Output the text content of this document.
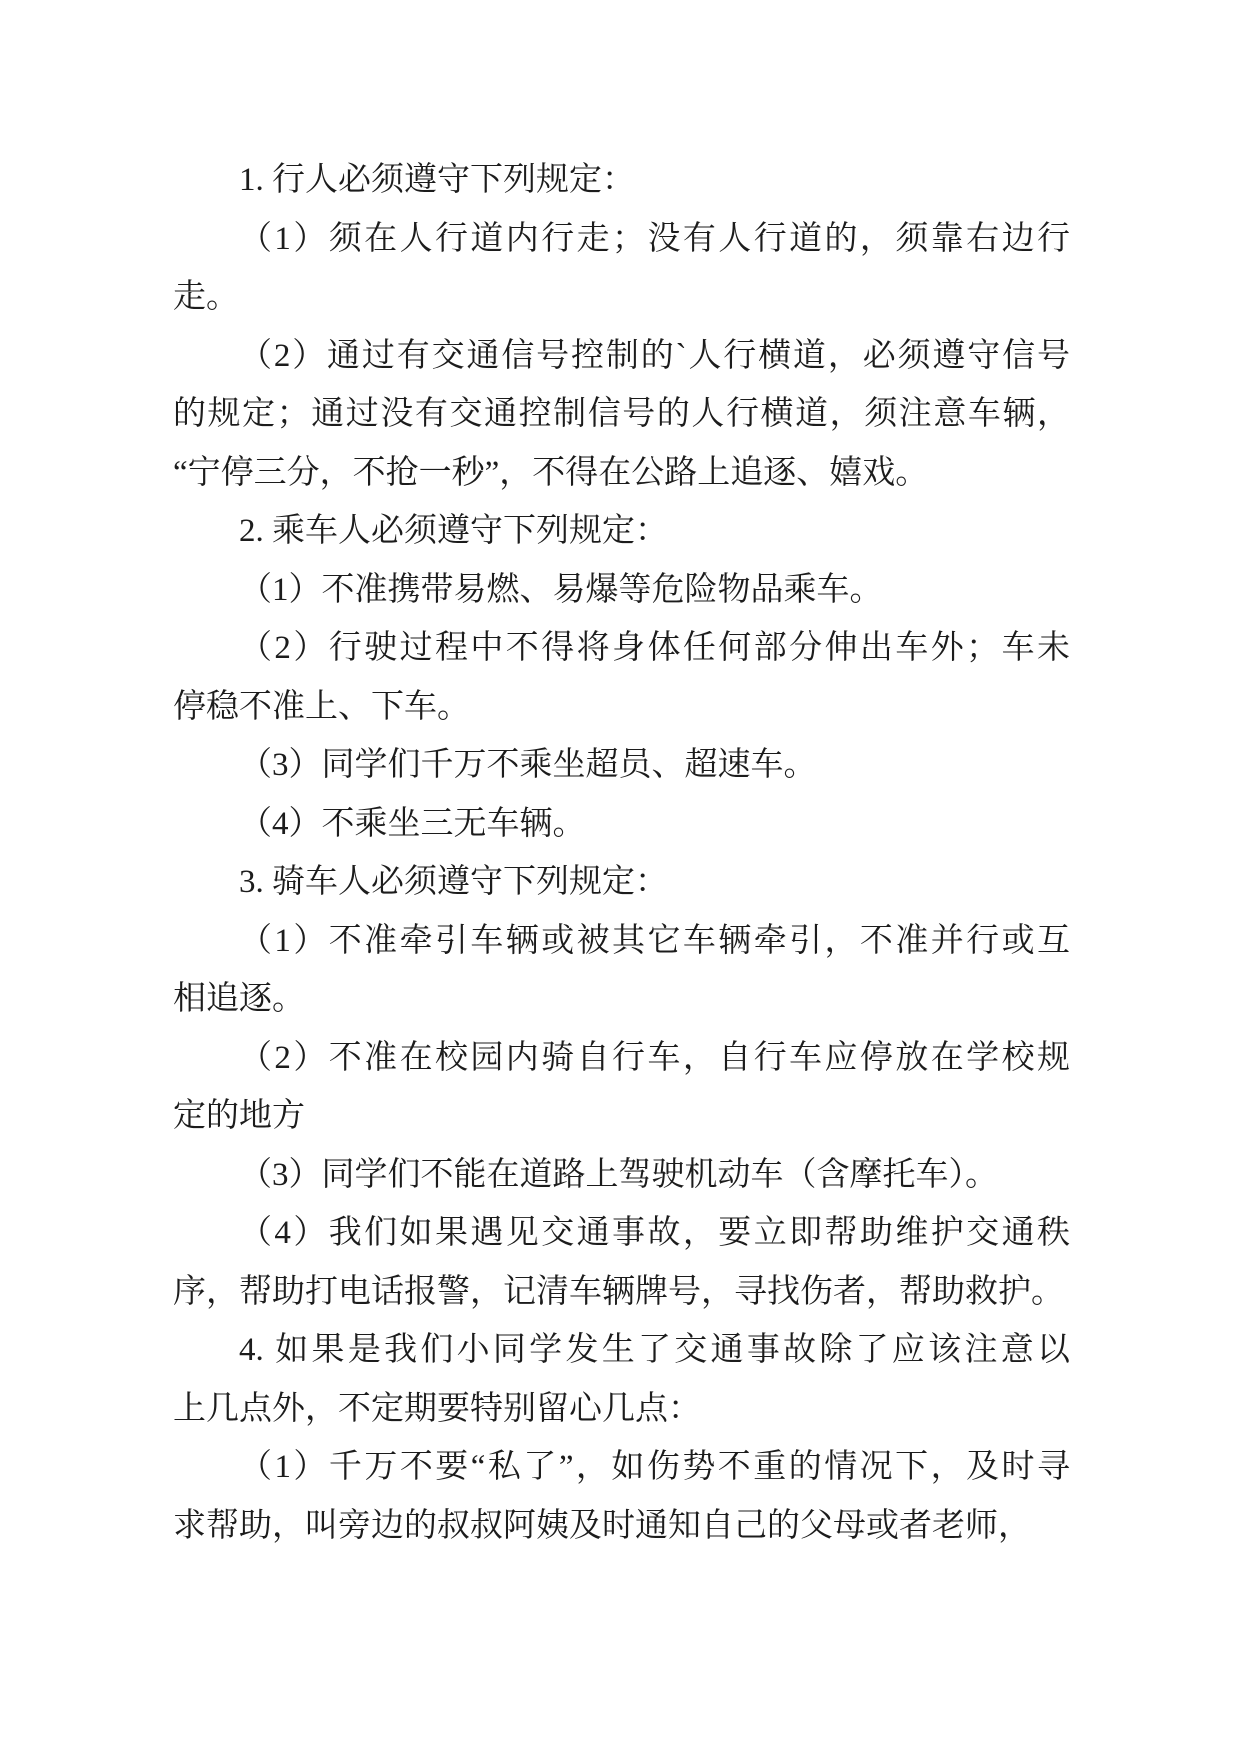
1. 行人必须遵守下列规定：
（1）须在人行道内行走；没有人行道的，须靠右边行
走。
（2）通过有交通信号控制的`人行横道，必须遵守信号
的规定；通过没有交通控制信号的人行横道，须注意车辆，
“宁停三分，不抢一秒”，不得在公路上追逐、嬉戏。
2. 乘车人必须遵守下列规定：
（1）不准携带易燃、易爆等危险物品乘车。
（2）行驶过程中不得将身体任何部分伸出车外；车未
停稳不准上、下车。
（3）同学们千万不乘坐超员、超速车。
（4）不乘坐三无车辆。
3. 骑车人必须遵守下列规定：
（1）不准牵引车辆或被其它车辆牵引，不准并行或互
相追逐。
（2）不准在校园内骑自行车，自行车应停放在学校规
定的地方
（3）同学们不能在道路上驾驶机动车（含摩托车）。
（4）我们如果遇见交通事故，要立即帮助维护交通秩
序，帮助打电话报警，记清车辆牌号，寻找伤者，帮助救护。
4. 如果是我们小同学发生了交通事故除了应该注意以
上几点外，不定期要特别留心几点：
（1）千万不要“私了”，如伤势不重的情况下，及时寻
求帮助，叫旁边的叔叔阿姨及时通知自己的父母或者老师，
